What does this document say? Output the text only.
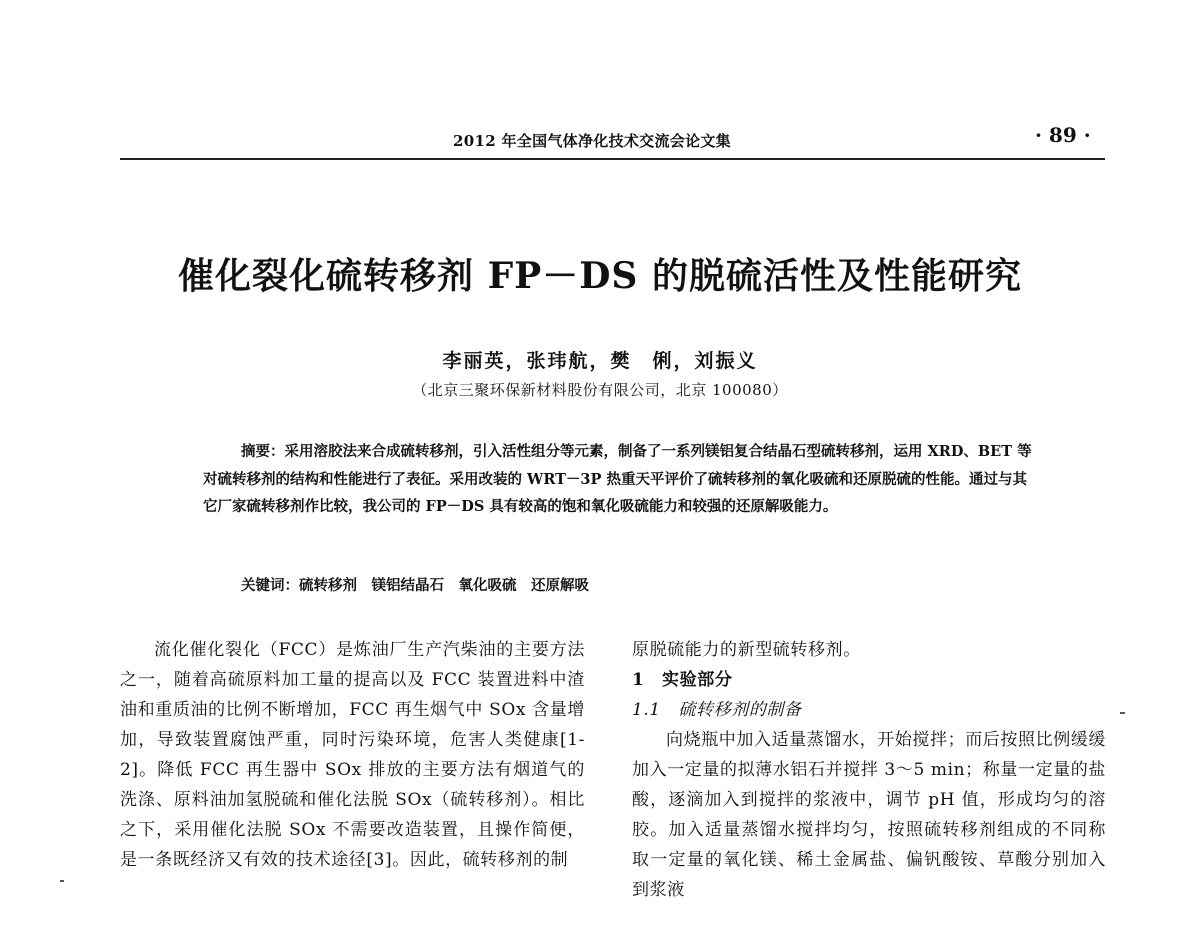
2012 年全国气体净化技术交流会论文集	· 89 ·
催化裂化硫转移剂 FP－DS 的脱硫活性及性能研究
李丽英，张玮航，樊　俐，刘振义
（北京三聚环保新材料股份有限公司，北京 100080）
摘要：采用溶胶法来合成硫转移剂，引入活性组分等元素，制备了一系列镁铝复合结晶石型硫转移剂，运用 XRD、BET 等对硫转移剂的结构和性能进行了表征。采用改装的 WRT－3P 热重天平评价了硫转移剂的氧化吸硫和还原脱硫的性能。通过与其它厂家硫转移剂作比较，我公司的 FP－DS 具有较高的饱和氧化吸硫能力和较强的还原解吸能力。
关键词：硫转移剂　镁铝结晶石　氧化吸硫　还原解吸

流化催化裂化（FCC）是炼油厂生产汽柴油的主要方法之一，随着高硫原料加工量的提高以及 FCC 装置进料中渣油和重质油的比例不断增加，FCC 再生烟气中 SOx 含量增加，导致装置腐蚀严重，同时污染环境，危害人类健康[1-2]。降低 FCC 再生器中 SOx 排放的主要方法有烟道气的洗涤、原料油加氢脱硫和催化法脱 SOx（硫转移剂）。相比之下，采用催化法脱 SOx 不需要改造装置，且操作简便，是一条既经济又有效的技术途径[3]。因此，硫转移剂的制

原脱硫能力的新型硫转移剂。

1　实验部分

1.1　硫转移剂的制备

向烧瓶中加入适量蒸馏水，开始搅拌；而后按照比例缓缓加入一定量的拟薄水铝石并搅拌 3～5 min；称量一定量的盐酸，逐滴加入到搅拌的浆液中，调节 pH 值，形成均匀的溶胶。加入适量蒸馏水搅拌均匀，按照硫转移剂组成的不同称取一定量的氧化镁、稀土金属盐、偏钒酸铵、草酸分别加入到浆液
